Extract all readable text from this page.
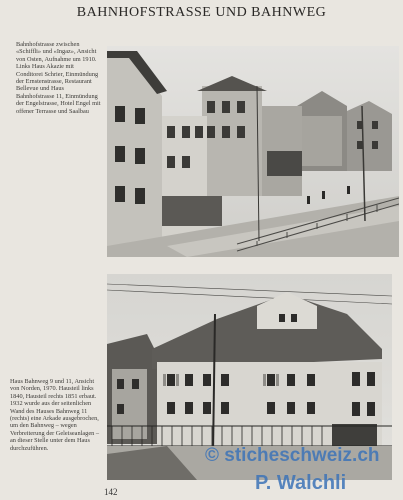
BAHNHOFSTRASSE UND BAHNWEG
Bahnhofstrasse zwischen «Schiffli» und «Ingaz», Ansicht von Osten, Aufnahme um 1910. Links Haus Akazie mit Conditorei Schrier, Einmündung der Ernstenstrasse, Restaurant Bellevue und Haus Bahnhofstrasse 11, Einmündung der Engelstrasse, Hotel Engel mit offener Terrasse und Saalbau
Haus Bahnweg 9 und 11, Ansicht von Norden, 1970. Hausteil links 1840, Hausteil rechts 1851 erbaut. 1932 wurde aus der seitenlichen Wand des Hauses Bahnweg 11 (rechts) eine Arkade ausgebrochen, um den Bahnweg – wegen Verbreiterung der Geleiseanlagen – an dieser Stelle unter dem Haus durchzuführen.
142
© sticheschweiz.ch
P. Walchli
